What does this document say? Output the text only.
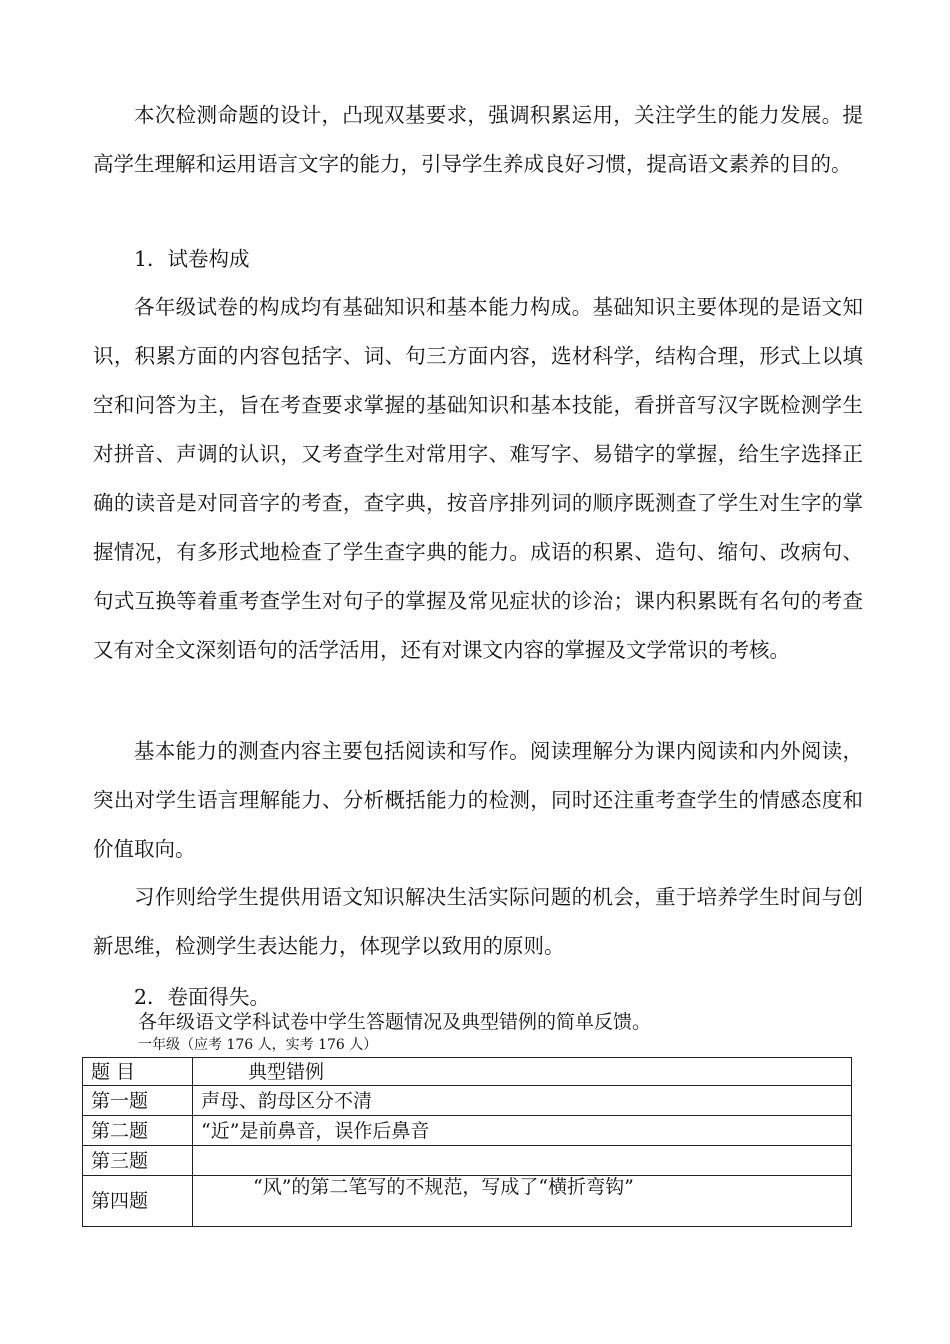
本次检测命题的设计，凸现双基要求，强调积累运用，关注学生的能力发展。提高学生理解和运用语言文字的能力，引导学生养成良好习惯，提高语文素养的目的。

1．试卷构成

各年级试卷的构成均有基础知识和基本能力构成。基础知识主要体现的是语文知识，积累方面的内容包括字、词、句三方面内容，选材科学，结构合理，形式上以填空和问答为主，旨在考查要求掌握的基础知识和基本技能，看拼音写汉字既检测学生对拼音、声调的认识，又考查学生对常用字、难写字、易错字的掌握，给生字选择正确的读音是对同音字的考查，查字典，按音序排列词的顺序既测查了学生对生字的掌握情况，有多形式地检查了学生查字典的能力。成语的积累、造句、缩句、改病句、句式互换等着重考查学生对句子的掌握及常见症状的诊治；课内积累既有名句的考查又有对全文深刻语句的活学活用，还有对课文内容的掌握及文学常识的考核。

基本能力的测查内容主要包括阅读和写作。阅读理解分为课内阅读和内外阅读，突出对学生语言理解能力、分析概括能力的检测，同时还注重考查学生的情感态度和价值取向。

习作则给学生提供用语文知识解决生活实际问题的机会，重于培养学生时间与创新思维，检测学生表达能力，体现学以致用的原则。

2．卷面得失。

各年级语文学科试卷中学生答题情况及典型错例的简单反馈。
一年级（应考 176 人，实考 176 人）
题 目	典型错例
第一题	声母、韵母区分不清
第二题	“近”是前鼻音，误作后鼻音
第三题	
第四题	“风”的第二笔写的不规范，写成了“横折弯钩”
